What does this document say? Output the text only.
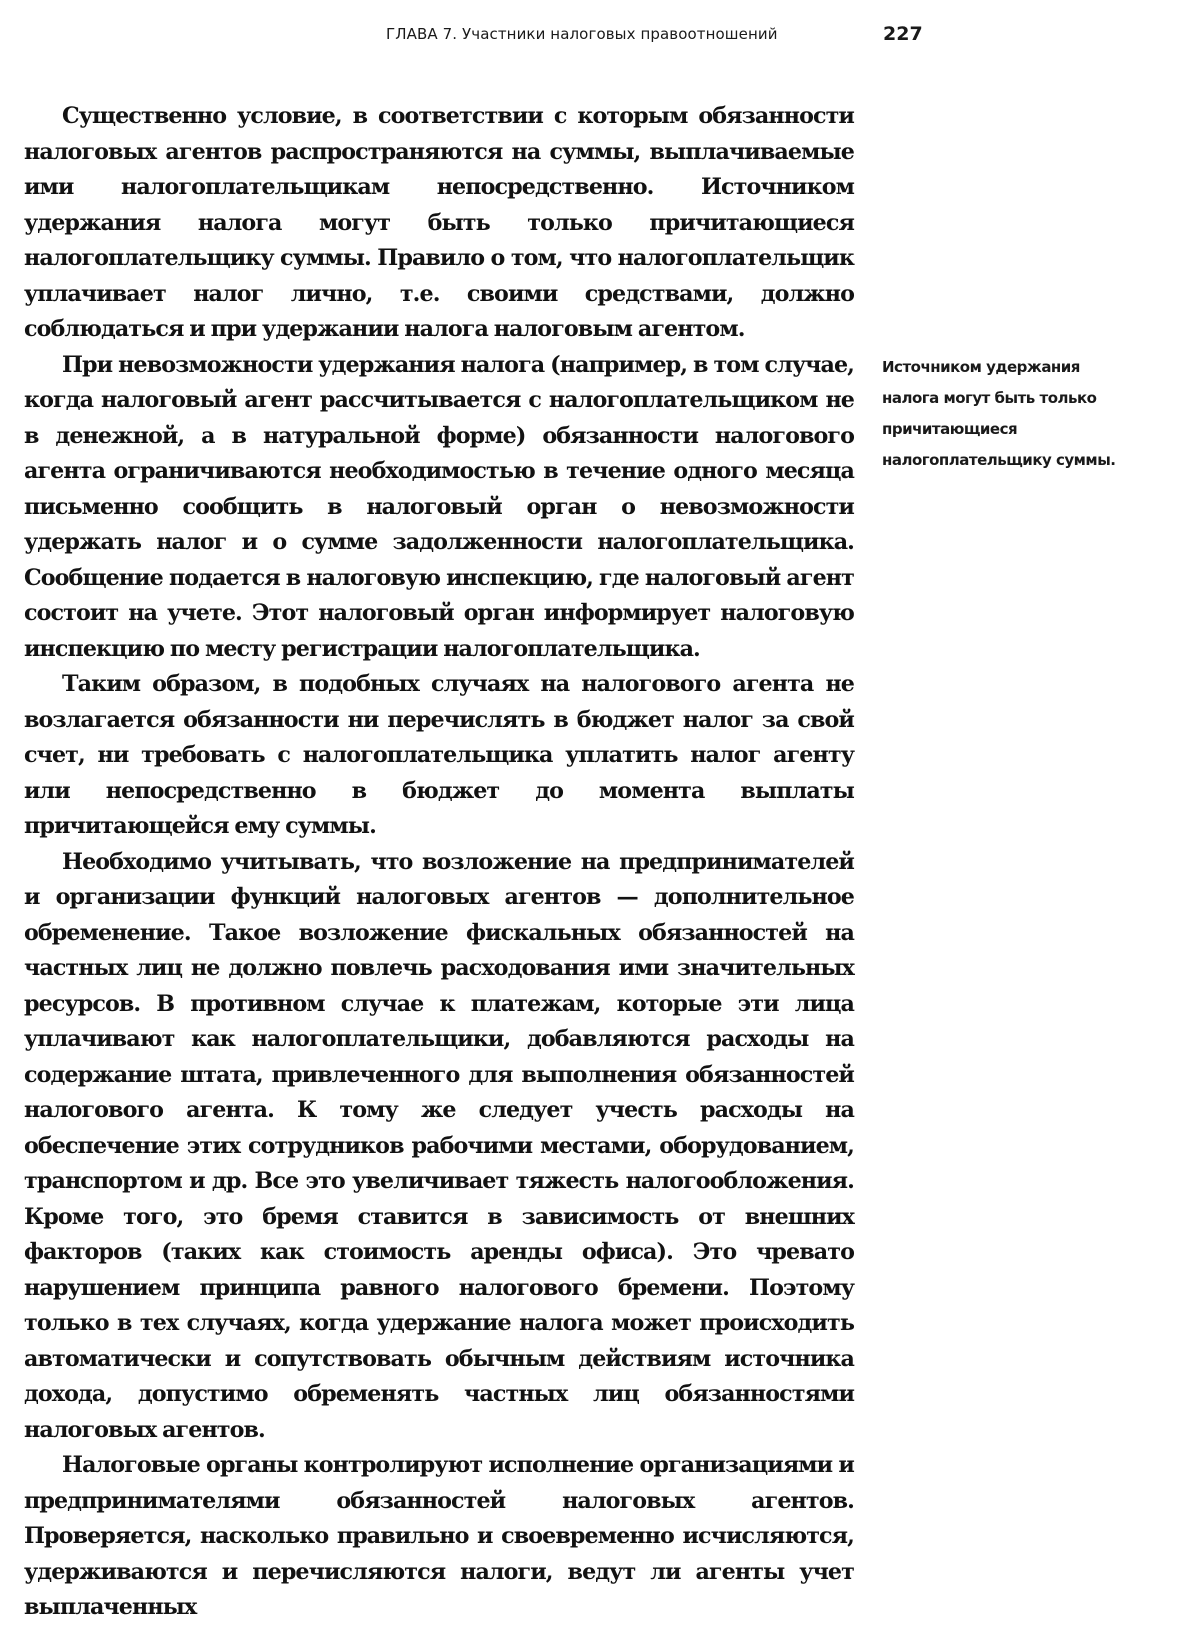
ГЛАВА 7. Участники налоговых правоотношений	227

Существенно условие, в соответствии с которым обязанности налоговых агентов распространяются на суммы, выплачиваемые ими налогоплательщикам непосредственно. Источником удержания налога могут быть только причитающиеся налогоплательщику суммы. Правило о том, что налогоплательщик уплачивает налог лично, т.е. своими средствами, должно соблюдаться и при удержании налога налоговым агентом.

При невозможности удержания налога (например, в том случае, когда налоговый агент рассчитывается с налогоплательщиком не в денежной, а в натуральной форме) обязанности налогового агента ограничиваются необходимостью в течение одного месяца письменно сообщить в налоговый орган о невозможности удержать налог и о сумме задолженности налогоплательщика. Сообщение подается в налоговую инспекцию, где налоговый агент состоит на учете. Этот налоговый орган информирует налоговую инспекцию по месту регистрации налогоплательщика.

Таким образом, в подобных случаях на налогового агента не возлагается обязанности ни перечислять в бюджет налог за свой счет, ни требовать с налогоплательщика уплатить налог агенту или непосредственно в бюджет до момента выплаты причитающейся ему суммы.

Необходимо учитывать, что возложение на предпринимателей и организации функций налоговых агентов — дополнительное обременение. Такое возложение фискальных обязанностей на частных лиц не должно повлечь расходования ими значительных ресурсов. В противном случае к платежам, которые эти лица уплачивают как налогоплательщики, добавляются расходы на содержание штата, привлеченного для выполнения обязанностей налогового агента. К тому же следует учесть расходы на обеспечение этих сотрудников рабочими местами, оборудованием, транспортом и др. Все это увеличивает тяжесть налогообложения. Кроме того, это бремя ставится в зависимость от внешних факторов (таких как стоимость аренды офиса). Это чревато нарушением принципа равного налогового бремени. Поэтому только в тех случаях, когда удержание налога может происходить автоматически и сопутствовать обычным действиям источника дохода, допустимо обременять частных лиц обязанностями налоговых агентов.

Налоговые органы контролируют исполнение организациями и предпринимателями обязанностей налоговых агентов. Проверяется, насколько правильно и своевременно исчисляются, удерживаются и перечисляются налоги, ведут ли агенты учет выплаченных

Источником удержания налога могут быть только причитающиеся налогоплательщику суммы.
